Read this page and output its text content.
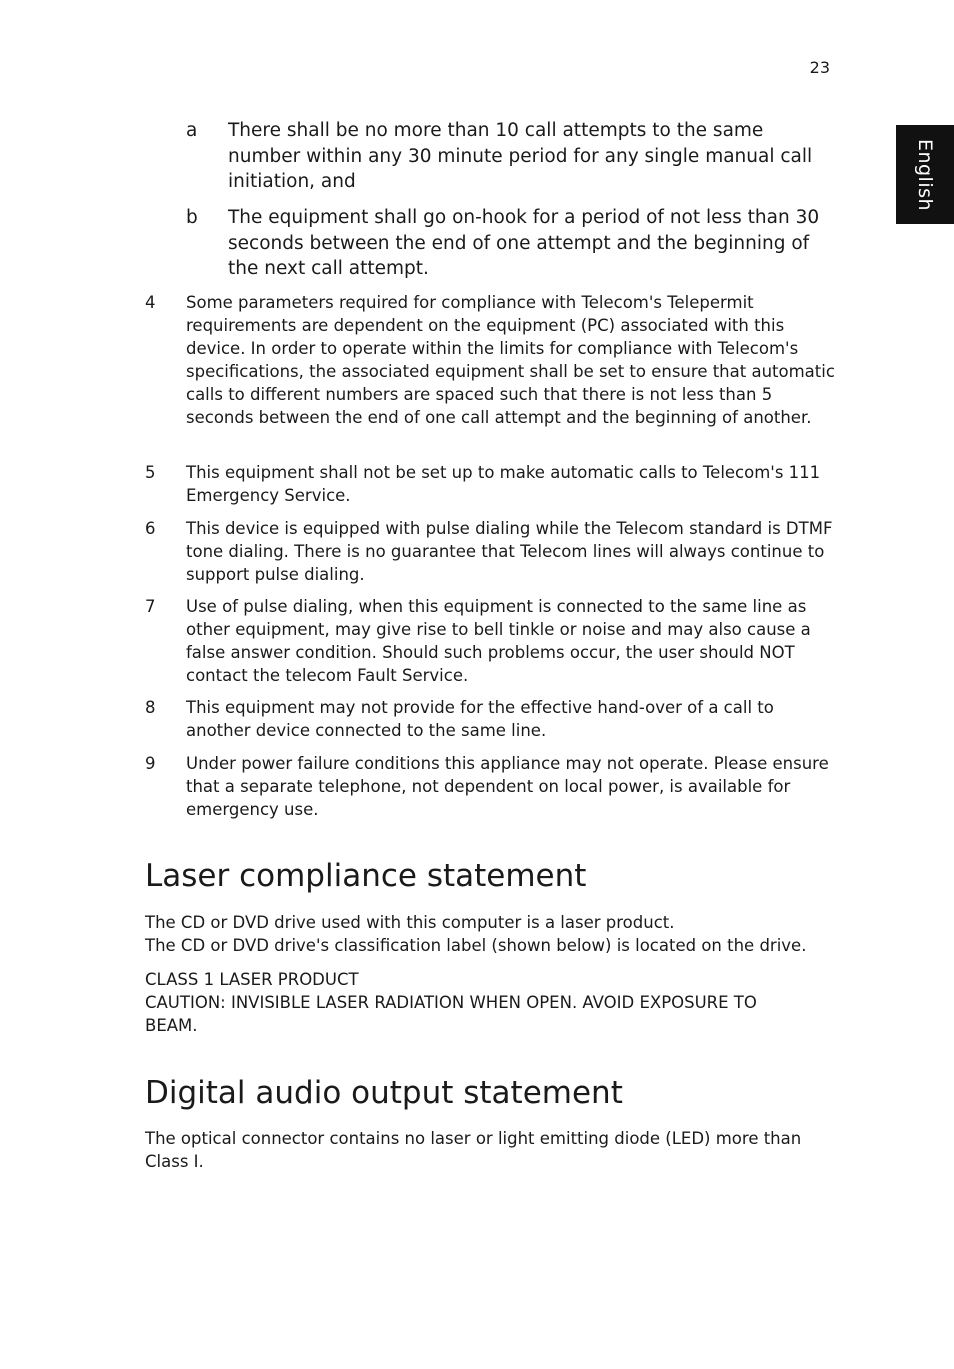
23
English
a There shall be no more than 10 call attempts to the same number within any 30 minute period for any single manual call initiation, and
b The equipment shall go on-hook for a period of not less than 30 seconds between the end of one attempt and the beginning of the next call attempt.
4 Some parameters required for compliance with Telecom's Telepermit requirements are dependent on the equipment (PC) associated with this device. In order to operate within the limits for compliance with Telecom's specifications, the associated equipment shall be set to ensure that automatic calls to different numbers are spaced such that there is not less than 5 seconds between the end of one call attempt and the beginning of another.
5 This equipment shall not be set up to make automatic calls to Telecom's 111 Emergency Service.
6 This device is equipped with pulse dialing while the Telecom standard is DTMF tone dialing. There is no guarantee that Telecom lines will always continue to support pulse dialing.
7 Use of pulse dialing, when this equipment is connected to the same line as other equipment, may give rise to bell tinkle or noise and may also cause a false answer condition. Should such problems occur, the user should NOT contact the telecom Fault Service.
8 This equipment may not provide for the effective hand-over of a call to another device connected to the same line.
9 Under power failure conditions this appliance may not operate. Please ensure that a separate telephone, not dependent on local power, is available for emergency use.
Laser compliance statement
The CD or DVD drive used with this computer is a laser product.
The CD or DVD drive's classification label (shown below) is located on the drive.
CLASS 1 LASER PRODUCT
CAUTION: INVISIBLE LASER RADIATION WHEN OPEN. AVOID EXPOSURE TO BEAM.
Digital audio output statement
The optical connector contains no laser or light emitting diode (LED) more than Class I.
